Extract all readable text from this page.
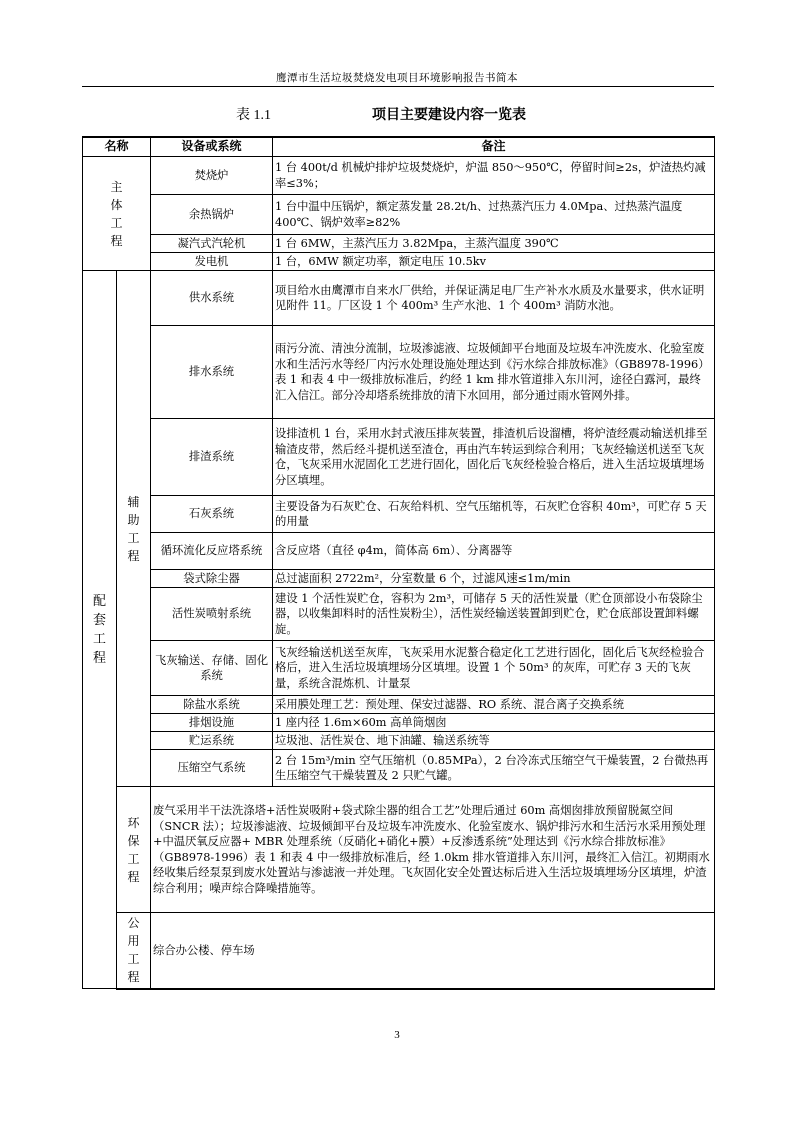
鹰潭市生活垃圾焚烧发电项目环境影响报告书简本
表 1.1	项目主要建设内容一览表
名称		设备或系统	备注
主体工程		焚烧炉	1 台 400t/d 机械炉排炉垃圾焚烧炉，炉温 850～950℃，停留时间≥2s，炉渣热灼减率≤3%；
		余热锅炉	1 台中温中压锅炉，额定蒸发量 28.2t/h、过热蒸汽压力 4.0Mpa、过热蒸汽温度 400℃、锅炉效率≥82%
		凝汽式汽轮机	1 台 6MW，主蒸汽压力 3.82Mpa，主蒸汽温度 390℃
		发电机	1 台，6MW 额定功率，额定电压 10.5kv
配套工程	辅助工程	供水系统	项目给水由鹰潭市自来水厂供给，并保证满足电厂生产补水水质及水量要求，供水证明见附件 11。厂区设 1 个 400m³ 生产水池、1 个 400m³ 消防水池。
		排水系统	雨污分流、清浊分流制，垃圾渗滤液、垃圾倾卸平台地面及垃圾车冲洗废水、化验室废水和生活污水等经厂内污水处理设施处理达到《污水综合排放标准》（GB8978-1996）表 1 和表 4 中一级排放标准后，约经 1 km 排水管道排入东川河，途径白露河，最终汇入信江。部分冷却塔系统排放的清下水回用，部分通过雨水管网外排。
		排渣系统	设排渣机 1 台，采用水封式液压排灰装置，排渣机后设溜槽，将炉渣经震动输送机排至输渣皮带，然后经斗提机送至渣仓，再由汽车转运到综合利用；飞灰经输送机送至飞灰仓，飞灰采用水泥固化工艺进行固化，固化后飞灰经检验合格后，进入生活垃圾填埋场分区填埋。
		石灰系统	主要设备为石灰贮仓、石灰给料机、空气压缩机等，石灰贮仓容积 40m³，可贮存 5 天的用量
		循环流化反应塔系统	含反应塔（直径 φ4m，简体高 6m）、分离器等
		袋式除尘器	总过滤面积 2722m²，分室数量 6 个，过滤风速≤1m/min
		活性炭喷射系统	建设 1 个活性炭贮仓，容积为 2m³，可储存 5 天的活性炭量（贮仓顶部设小布袋除尘器，以收集卸料时的活性炭粉尘），活性炭经输送装置卸到贮仓，贮仓底部设置卸料螺旋。
		飞灰输送、存储、固化系统	飞灰经输送机送至灰库，飞灰采用水泥螯合稳定化工艺进行固化，固化后飞灰经检验合格后，进入生活垃圾填埋场分区填埋。设置 1 个 50m³ 的灰库，可贮存 3 天的飞灰量，系统含混炼机、计量泵
		除盐水系统	采用膜处理工艺：预处理、保安过滤器、RO 系统、混合离子交换系统
		排烟设施	1 座内径 1.6m×60m 高单筒烟囱
		贮运系统	垃圾池、活性炭仓、地下油罐、输送系统等
		压缩空气系统	2 台 15m³/min 空气压缩机（0.85MPa），2 台冷冻式压缩空气干燥装置，2 台微热再生压缩空气干燥装置及 2 只贮气罐。
	环保工程	废气采用半干法洗涤塔+活性炭吸附+袋式除尘器的组合工艺”处理后通过 60m 高烟囱排放预留脱氮空间（SNCR 法）；垃圾渗滤液、垃圾倾卸平台及垃圾车冲洗废水、化验室废水、锅炉排污水和生活污水采用预处理+中温厌氧反应器+ MBR 处理系统（反硝化+硝化+膜）+反渗透系统”处理达到《污水综合排放标准》（GB8978-1996）表 1 和表 4 中一级排放标准后，经 1.0km 排水管道排入东川河，最终汇入信江。初期雨水经收集后经泵泵到废水处置站与渗滤液一并处理。飞灰固化安全处置达标后进入生活垃圾填埋场分区填埋，炉渣综合利用；噪声综合降噪措施等。	
	公用工程	综合办公楼、停车场	
3
